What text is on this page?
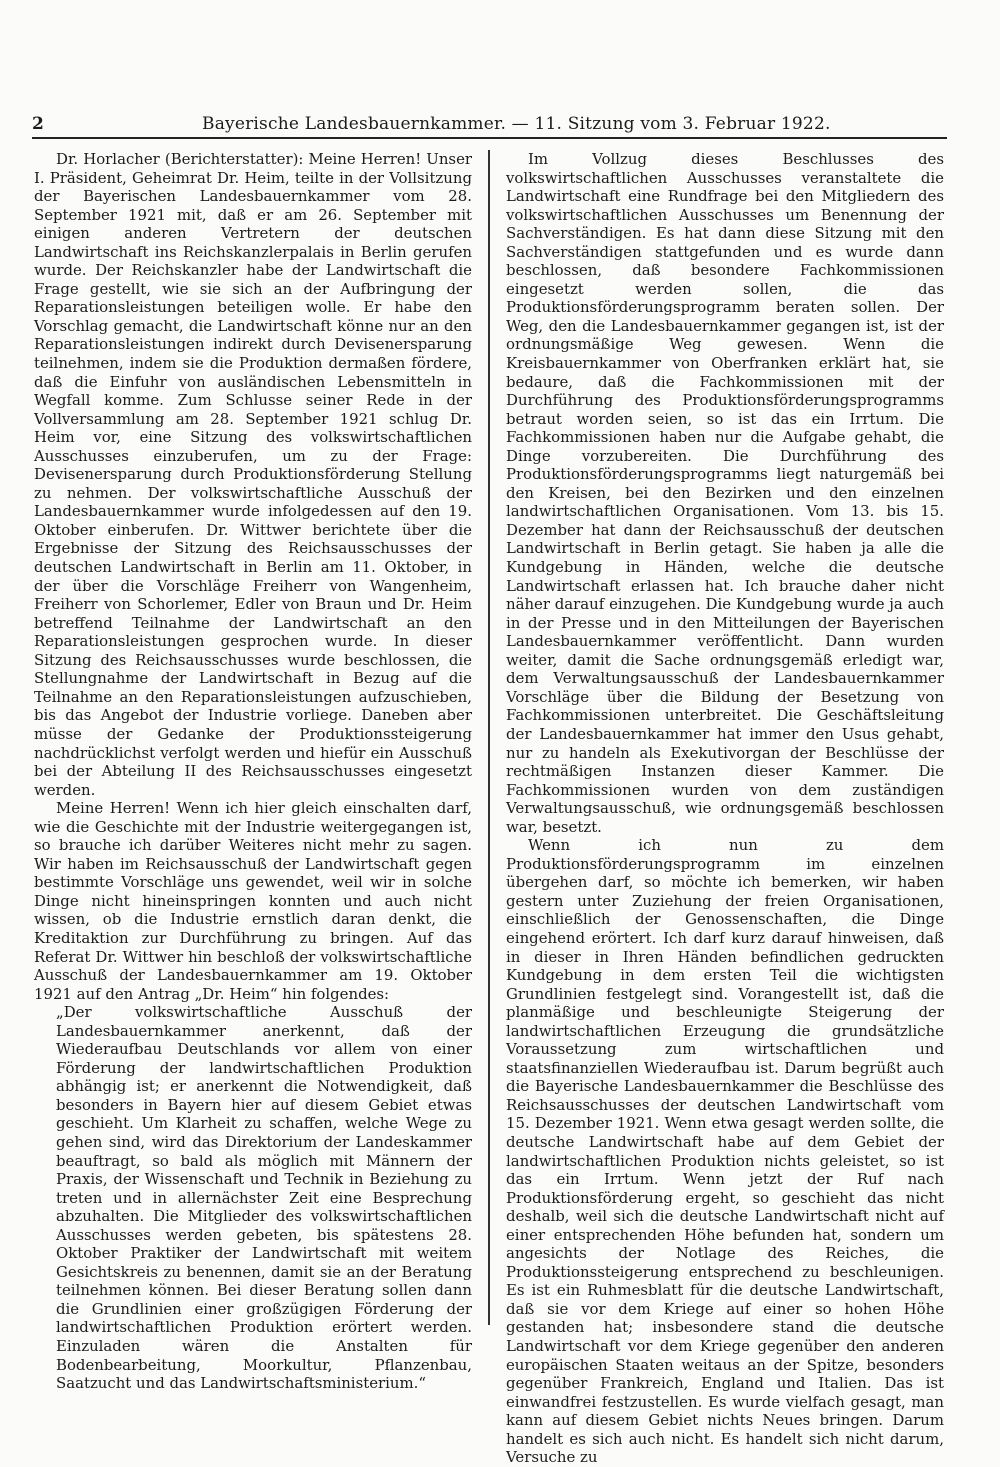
2	Bayerische Landesbauernkammer. — 11. Sitzung vom 3. Februar 1922.

Dr. Horlacher (Berichterstatter): Meine Herren! Unser I. Präsident, Geheimrat Dr. Heim, teilte in der Vollsitzung der Bayerischen Landesbauernkammer vom 28. September 1921 mit, daß er am 26. September mit einigen anderen Vertretern der deutschen Landwirtschaft ins Reichskanzlerpalais in Berlin gerufen wurde. Der Reichskanzler habe der Landwirtschaft die Frage gestellt, wie sie sich an der Aufbringung der Reparationsleistungen beteiligen wolle. Er habe den Vorschlag gemacht, die Landwirtschaft könne nur an den Reparationsleistungen indirekt durch Devisenersparung teilnehmen, indem sie die Produktion dermaßen fördere, daß die Einfuhr von ausländischen Lebensmitteln in Wegfall komme. Zum Schlusse seiner Rede in der Vollversammlung am 28. September 1921 schlug Dr. Heim vor, eine Sitzung des volkswirtschaftlichen Ausschusses einzuberufen, um zu der Frage: Devisenersparung durch Produktionsförderung Stellung zu nehmen. Der volkswirtschaftliche Ausschuß der Landesbauernkammer wurde infolgedessen auf den 19. Oktober einberufen. Dr. Wittwer berichtete über die Ergebnisse der Sitzung des Reichsausschusses der deutschen Landwirtschaft in Berlin am 11. Oktober, in der über die Vorschläge Freiherr von Wangenheim, Freiherr von Schorlemer, Edler von Braun und Dr. Heim betreffend Teilnahme der Landwirtschaft an den Reparationsleistungen gesprochen wurde. In dieser Sitzung des Reichsausschusses wurde beschlossen, die Stellungnahme der Landwirtschaft in Bezug auf die Teilnahme an den Reparationsleistungen aufzuschieben, bis das Angebot der Industrie vorliege. Daneben aber müsse der Gedanke der Produktionssteigerung nachdrücklichst verfolgt werden und hiefür ein Ausschuß bei der Abteilung II des Reichsausschusses eingesetzt werden.

Meine Herren! Wenn ich hier gleich einschalten darf, wie die Geschichte mit der Industrie weitergegangen ist, so brauche ich darüber Weiteres nicht mehr zu sagen. Wir haben im Reichsausschuß der Landwirtschaft gegen bestimmte Vorschläge uns gewendet, weil wir in solche Dinge nicht hineinspringen konnten und auch nicht wissen, ob die Industrie ernstlich daran denkt, die Kreditaktion zur Durchführung zu bringen. Auf das Referat Dr. Wittwer hin beschloß der volkswirtschaftliche Ausschuß der Landesbauernkammer am 19. Oktober 1921 auf den Antrag „Dr. Heim“ hin folgendes:

„Der volkswirtschaftliche Ausschuß der Landesbauernkammer anerkennt, daß der Wiederaufbau Deutschlands vor allem von einer Förderung der landwirtschaftlichen Produktion abhängig ist; er anerkennt die Notwendigkeit, daß besonders in Bayern hier auf diesem Gebiet etwas geschieht. Um Klarheit zu schaffen, welche Wege zu gehen sind, wird das Direktorium der Landeskammer beauftragt, so bald als möglich mit Männern der Praxis, der Wissenschaft und Technik in Beziehung zu treten und in allernächster Zeit eine Besprechung abzuhalten. Die Mitglieder des volkswirtschaftlichen Ausschusses werden gebeten, bis spätestens 28. Oktober Praktiker der Landwirtschaft mit weitem Gesichtskreis zu benennen, damit sie an der Beratung teilnehmen können. Bei dieser Beratung sollen dann die Grundlinien einer großzügigen Förderung der landwirtschaftlichen Produktion erörtert werden. Einzuladen wären die Anstalten für Bodenbearbeitung, Moorkultur, Pflanzenbau, Saatzucht und das Landwirtschaftsministerium.“

Im Vollzug dieses Beschlusses des volkswirtschaftlichen Ausschusses veranstaltete die Landwirtschaft eine Rundfrage bei den Mitgliedern des volkswirtschaftlichen Ausschusses um Benennung der Sachverständigen. Es hat dann diese Sitzung mit den Sachverständigen stattgefunden und es wurde dann beschlossen, daß besondere Fachkommissionen eingesetzt werden sollen, die das Produktionsförderungsprogramm beraten sollen. Der Weg, den die Landesbauernkammer gegangen ist, ist der ordnungsmäßige Weg gewesen. Wenn die Kreisbauernkammer von Oberfranken erklärt hat, sie bedaure, daß die Fachkommissionen mit der Durchführung des Produktionsförderungsprogramms betraut worden seien, so ist das ein Irrtum. Die Fachkommissionen haben nur die Aufgabe gehabt, die Dinge vorzubereiten. Die Durchführung des Produktionsförderungsprogramms liegt naturgemäß bei den Kreisen, bei den Bezirken und den einzelnen landwirtschaftlichen Organisationen. Vom 13. bis 15. Dezember hat dann der Reichsausschuß der deutschen Landwirtschaft in Berlin getagt. Sie haben ja alle die Kundgebung in Händen, welche die deutsche Landwirtschaft erlassen hat. Ich brauche daher nicht näher darauf einzugehen. Die Kundgebung wurde ja auch in der Presse und in den Mitteilungen der Bayerischen Landesbauernkammer veröffentlicht. Dann wurden weiter, damit die Sache ordnungsgemäß erledigt war, dem Verwaltungsausschuß der Landesbauernkammer Vorschläge über die Bildung der Besetzung von Fachkommissionen unterbreitet. Die Geschäftsleitung der Landesbauernkammer hat immer den Usus gehabt, nur zu handeln als Exekutivorgan der Beschlüsse der rechtmäßigen Instanzen dieser Kammer. Die Fachkommissionen wurden von dem zuständigen Verwaltungsausschuß, wie ordnungsgemäß beschlossen war, besetzt.

Wenn ich nun zu dem Produktionsförderungsprogramm im einzelnen übergehen darf, so möchte ich bemerken, wir haben gestern unter Zuziehung der freien Organisationen, einschließlich der Genossenschaften, die Dinge eingehend erörtert. Ich darf kurz darauf hinweisen, daß in dieser in Ihren Händen befindlichen gedruckten Kundgebung in dem ersten Teil die wichtigsten Grundlinien festgelegt sind. Vorangestellt ist, daß die planmäßige und beschleunigte Steigerung der landwirtschaftlichen Erzeugung die grundsätzliche Voraussetzung zum wirtschaftlichen und staatsfinanziellen Wiederaufbau ist. Darum begrüßt auch die Bayerische Landesbauernkammer die Beschlüsse des Reichsausschusses der deutschen Landwirtschaft vom 15. Dezember 1921. Wenn etwa gesagt werden sollte, die deutsche Landwirtschaft habe auf dem Gebiet der landwirtschaftlichen Produktion nichts geleistet, so ist das ein Irrtum. Wenn jetzt der Ruf nach Produktionsförderung ergeht, so geschieht das nicht deshalb, weil sich die deutsche Landwirtschaft nicht auf einer entsprechenden Höhe befunden hat, sondern um angesichts der Notlage des Reiches, die Produktionssteigerung entsprechend zu beschleunigen. Es ist ein Ruhmesblatt für die deutsche Landwirtschaft, daß sie vor dem Kriege auf einer so hohen Höhe gestanden hat; insbesondere stand die deutsche Landwirtschaft vor dem Kriege gegenüber den anderen europäischen Staaten weitaus an der Spitze, besonders gegenüber Frankreich, England und Italien. Das ist einwandfrei festzustellen. Es wurde vielfach gesagt, man kann auf diesem Gebiet nichts Neues bringen. Darum handelt es sich auch nicht. Es handelt sich nicht darum, Versuche zu
